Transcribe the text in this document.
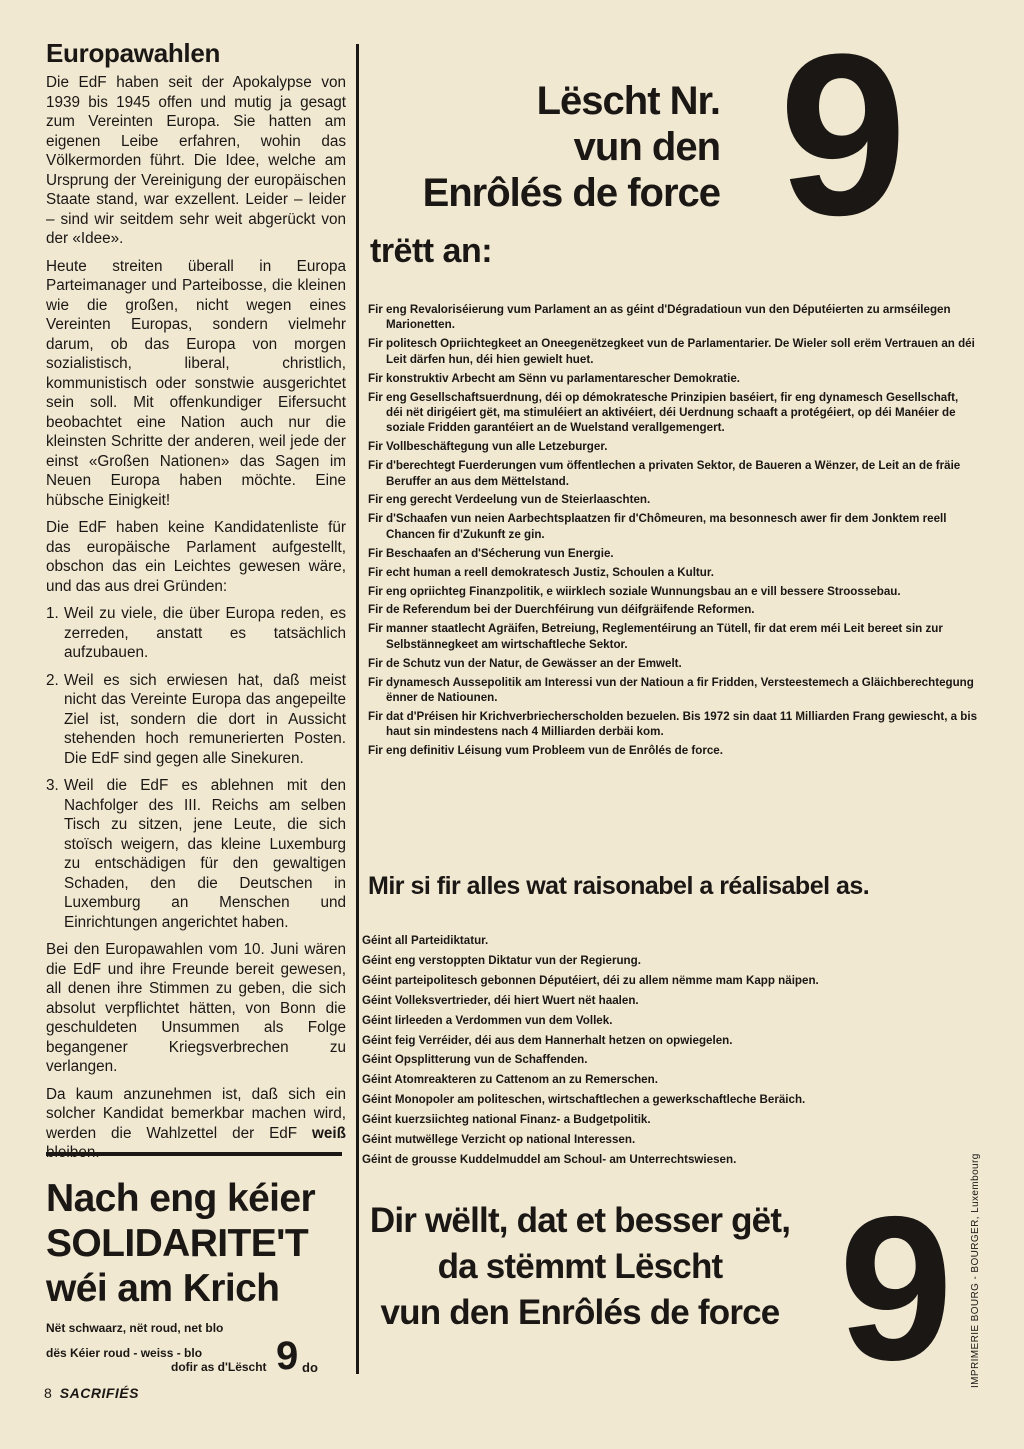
Europawahlen

Die EdF haben seit der Apokalypse von 1939 bis 1945 offen und mutig ja gesagt zum Vereinten Europa. Sie hatten am eigenen Leibe erfahren, wohin das Völkermorden führt. Die Idee, welche am Ursprung der Vereinigung der europäischen Staate stand, war exzellent. Leider – leider – sind wir seitdem sehr weit abgerückt von der «Idee».

Heute streiten überall in Europa Parteimanager und Parteibosse, die kleinen wie die großen, nicht wegen eines Vereinten Europas, sondern vielmehr darum, ob das Europa von morgen sozialistisch, liberal, christlich, kommunistisch oder sonstwie ausgerichtet sein soll. Mit offenkundiger Eifersucht beobachtet eine Nation auch nur die kleinsten Schritte der anderen, weil jede der einst «Großen Nationen» das Sagen im Neuen Europa haben möchte. Eine hübsche Einigkeit!

Die EdF haben keine Kandidatenliste für das europäische Parlament aufgestellt, obschon das ein Leichtes gewesen wäre, und das aus drei Gründen:

1. Weil zu viele, die über Europa reden, es zerreden, anstatt es tatsächlich aufzubauen.
2. Weil es sich erwiesen hat, daß meist nicht das Vereinte Europa das angepeilte Ziel ist, sondern die dort in Aussicht stehenden hoch remunerierten Posten. Die EdF sind gegen alle Sinekuren.
3. Weil die EdF es ablehnen mit den Nachfolger des III. Reichs am selben Tisch zu sitzen, jene Leute, die sich stoïsch weigern, das kleine Luxemburg zu entschädigen für den gewaltigen Schaden, den die Deutschen in Luxemburg an Menschen und Einrichtungen angerichtet haben.

Bei den Europawahlen vom 10. Juni wären die EdF und ihre Freunde bereit gewesen, all denen ihre Stimmen zu geben, die sich absolut verpflichtet hätten, von Bonn die geschuldeten Unsummen als Folge begangener Kriegsverbrechen zu verlangen.

Da kaum anzunehmen ist, daß sich ein solcher Kandidat bemerkbar machen wird, werden die Wahlzettel der EdF weiß

Nach eng kéier
SOLIDARITE'T
wéi am Krich
Nët schwaarz, nët roud, net blo
dës Kéier roud - weiss - blo
dofir as d'Lëscht 9 do
8 SACRIFIÉS
Lëscht Nr.
vun den
Enrôlés de force 9
trëtt an:
Fir eng Revaloriséierung vum Parlament an as géint d'Dégradatioun vun den Députéierten zu armséilegen Marionetten.
Fir politesch Opriichtegkeet an Oneegenëtzegkeet vun de Parlamentarier. De Wieler soll erëm Vertrauen an déi Leit därfen hun, déi hien gewielt huet.
Fir konstruktiv Arbecht am Sënn vu parlamentarescher Demokratie.
Fir eng Gesellschaftsuerdnung, déi op démokratesche Prinzipien baséiert, fir eng dynamesch Gesellschaft, déi nët dirigéiert gët, ma stimuléiert an aktivéiert, déi Uerdnung schaaft a protégéiert, op déi Manéier de soziale Fridden garantéiert an de Wuelstand verallgemengert.
Fir Vollbeschäftegung vun alle Letzeburger.
Fir d'berechtegt Fuerderungen vum öffentlechen a privaten Sektor, de Baueren a Wënzer, de Leit an de fräie Beruffer an aus dem Mëttelstand.
Fir eng gerecht Verdeelung vun de Steierlaaschten.
Fir d'Schaafen vun neien Aarbechtsplaatzen fir d'Chômeuren, ma besonnesch awer fir dem Jonktem reell Chancen fir d'Zukunft ze gin.
Fir Beschaafen an d'Sécherung vun Energie.
Fir echt human a reell demokratesch Justiz, Schoulen a Kultur.
Fir eng opriichteg Finanzpolitik, e wiirklech soziale Wunnungsbau an e vill bessere Stroossebau.
Fir de Referendum bei der Duerchféirung vun déifgräifende Reformen.
Fir manner staatlecht Agräifen, Betreiung, Reglementéirung an Tütell, fir dat erem méi Leit bereet sin zur Selbstännegkeet am wirtschaftleche Sektor.
Fir de Schutz vun der Natur, de Gewässer an der Emwelt.
Fir dynamesch Aussepolitik am Interessi vun der Natioun a fir Fridden, Versteestemech a Gläichberechtegung ënner de Natiounen.
Fir dat d'Préisen hir Krichverbriecherscholden bezuelen. Bis 1972 sin daat 11 Milliarden Frang gewiescht, a bis haut sin mindestens nach 4 Milliarden derbäi kom.
Fir eng definitiv Léisung vum Probleem vun de Enrôlés de force.
Mir si fir alles wat raisonabel a réalisabel as.
Géint all Parteidiktatur.
Géint eng verstoppten Diktatur vun der Regierung.
Géint parteipolitesch gebonnen Députéiert, déi zu allem nëmme mam Kapp näipen.
Géint Volleksvertrieder, déi hiert Wuert nët haalen.
Géint Iirleeden a Verdommen vun dem Vollek.
Géint feig Verréider, déi aus dem Hannerhalt hetzen on opwiegelen.
Géint Opsplitterung vun de Schaffenden.
Géint Atomreakteren zu Cattenom an zu Remerschen.
Géint Monopoler am politeschen, wirtschaftlechen a gewerkschaftleche Beräich.
Géint kuerzsiichteg national Finanz- a Budgetpolitik.
Géint mutwëllege Verzicht op national Interessen.
Géint de grousse Kuddelmuddel am Schoul- am Unterrechtswiesen.
Dir wëllt, dat et besser gët,
da stëmmt Lëscht
vun den Enrôlés de force 9	IMPRIMERIE BOURG - BOURGER, Luxembourg
